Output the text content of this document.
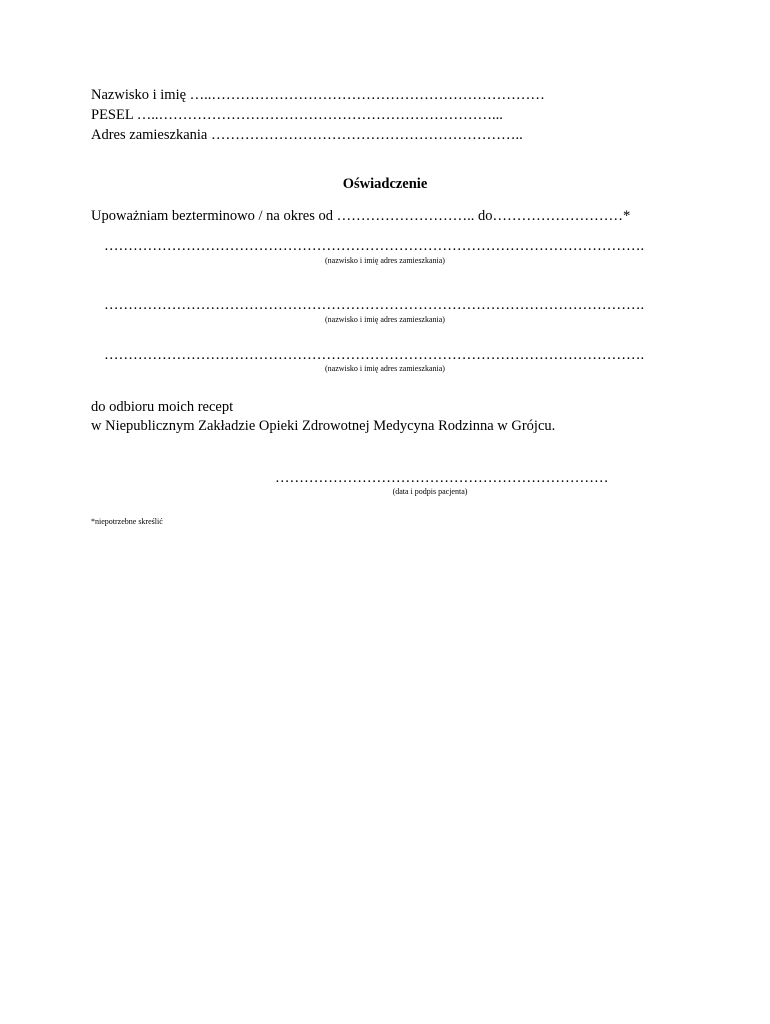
Nazwisko i imię …..……………………………………………………………
PESEL …..……………………………………………………………...
Adres zamieszkania ………………………………………………………..
Oświadczenie
Upoważniam bezterminowo / na okres od ……………………….. do………………………*
………………………………………………………………………………………………….
(nazwisko i imię adres zamieszkania)
………………………………………………………………………………………………….
(nazwisko i imię adres zamieszkania)
………………………………………………………………………………………………….
(nazwisko i imię adres zamieszkania)
do odbioru moich recept
w Niepublicznym Zakładzie Opieki Zdrowotnej Medycyna Rodzinna w Grójcu.
……………………………………………………………
(data i podpis pacjenta)
*niepotrzebne skreślić
